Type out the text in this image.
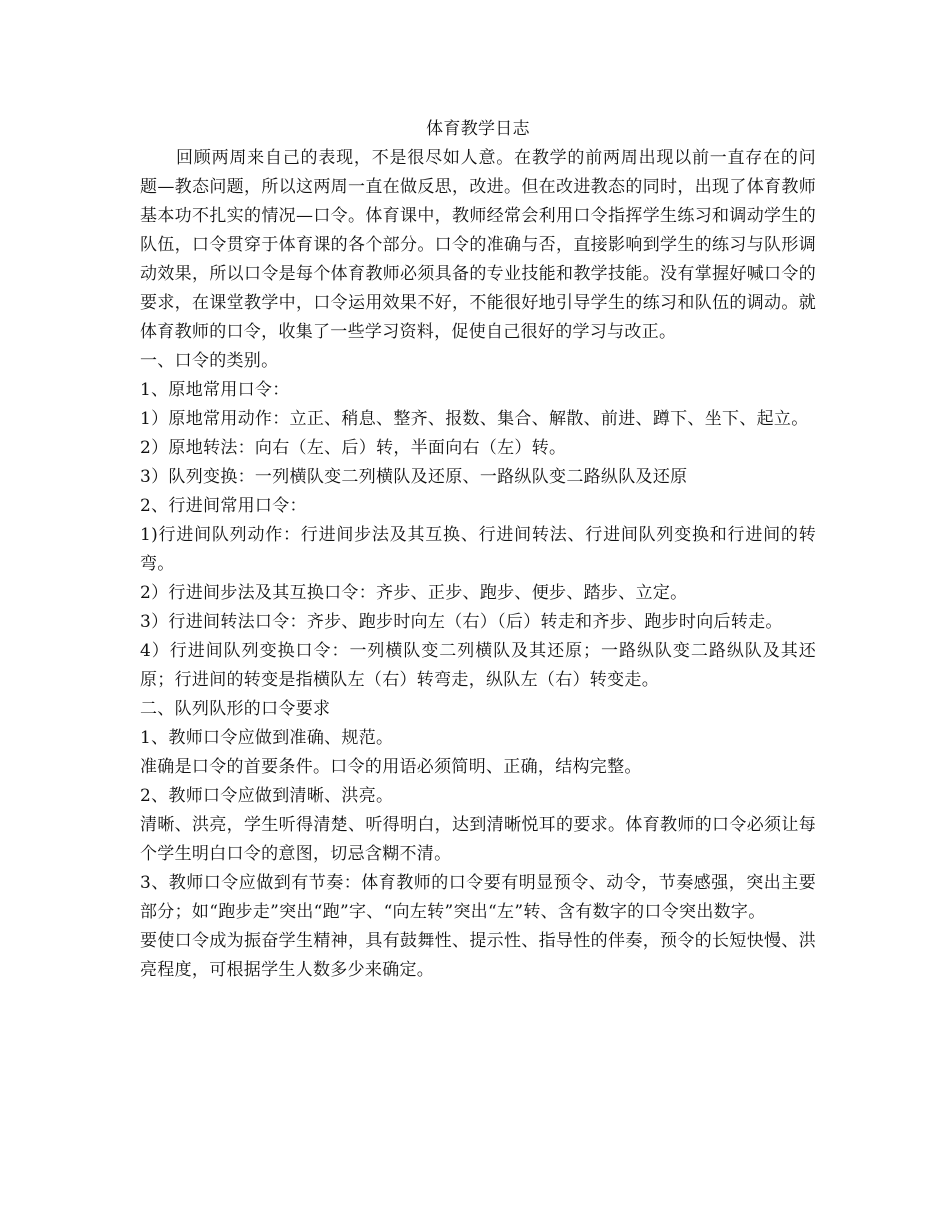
体育教学日志

回顾两周来自己的表现，不是很尽如人意。在教学的前两周出现以前一直存在的问题—教态问题，所以这两周一直在做反思，改进。但在改进教态的同时，出现了体育教师基本功不扎实的情况—口令。体育课中，教师经常会利用口令指挥学生练习和调动学生的队伍，口令贯穿于体育课的各个部分。口令的准确与否，直接影响到学生的练习与队形调动效果，所以口令是每个体育教师必须具备的专业技能和教学技能。没有掌握好喊口令的要求，在课堂教学中，口令运用效果不好，不能很好地引导学生的练习和队伍的调动。就体育教师的口令，收集了一些学习资料，促使自己很好的学习与改正。

一、口令的类别。

1、原地常用口令：

1）原地常用动作：立正、稍息、整齐、报数、集合、解散、前进、蹲下、坐下、起立。

2）原地转法：向右（左、后）转，半面向右（左）转。

3）队列变换：一列横队变二列横队及还原、一路纵队变二路纵队及还原

2、行进间常用口令：

1)行进间队列动作：行进间步法及其互换、行进间转法、行进间队列变换和行进间的转弯。

2）行进间步法及其互换口令：齐步、正步、跑步、便步、踏步、立定。

3）行进间转法口令：齐步、跑步时向左（右）（后）转走和齐步、跑步时向后转走。

4）行进间队列变换口令：一列横队变二列横队及其还原；一路纵队变二路纵队及其还原；行进间的转变是指横队左（右）转弯走，纵队左（右）转变走。

二、队列队形的口令要求

1、教师口令应做到准确、规范。

准确是口令的首要条件。口令的用语必须简明、正确，结构完整。

2、教师口令应做到清晰、洪亮。

清晰、洪亮，学生听得清楚、听得明白，达到清晰悦耳的要求。体育教师的口令必须让每个学生明白口令的意图，切忌含糊不清。

3、教师口令应做到有节奏：体育教师的口令要有明显预令、动令，节奏感强，突出主要部分；如“跑步走”突出“跑”字、“向左转”突出“左”转、含有数字的口令突出数字。

要使口令成为振奋学生精神，具有鼓舞性、提示性、指导性的伴奏，预令的长短快慢、洪亮程度，可根据学生人数多少来确定。
